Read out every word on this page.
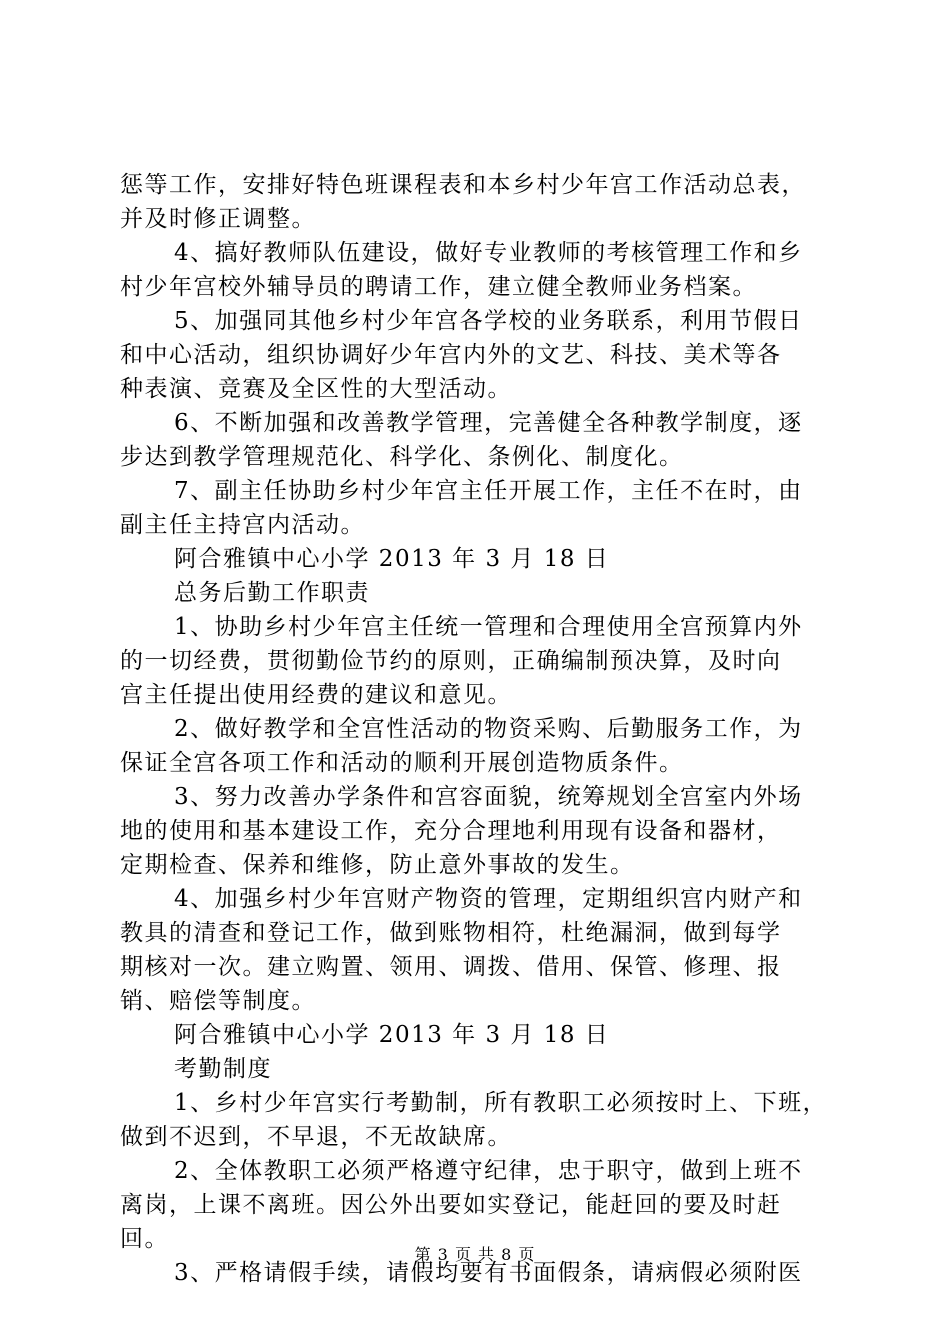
惩等工作，安排好特色班课程表和本乡村少年宫工作活动总表，
并及时修正调整。
4、搞好教师队伍建设，做好专业教师的考核管理工作和乡
村少年宫校外辅导员的聘请工作，建立健全教师业务档案。
5、加强同其他乡村少年宫各学校的业务联系，利用节假日
和中心活动，组织协调好少年宫内外的文艺、科技、美术等各
种表演、竞赛及全区性的大型活动。
6、不断加强和改善教学管理，完善健全各种教学制度，逐
步达到教学管理规范化、科学化、条例化、制度化。
7、副主任协助乡村少年宫主任开展工作，主任不在时，由
副主任主持宫内活动。
阿合雅镇中心小学 2013 年 3 月 18 日
总务后勤工作职责
1、协助乡村少年宫主任统一管理和合理使用全宫预算内外
的一切经费，贯彻勤俭节约的原则，正确编制预决算，及时向
宫主任提出使用经费的建议和意见。
2、做好教学和全宫性活动的物资采购、后勤服务工作，为
保证全宫各项工作和活动的顺利开展创造物质条件。
3、努力改善办学条件和宫容面貌，统筹规划全宫室内外场
地的使用和基本建设工作，充分合理地利用现有设备和器材，
定期检查、保养和维修，防止意外事故的发生。
4、加强乡村少年宫财产物资的管理，定期组织宫内财产和
教具的清查和登记工作，做到账物相符，杜绝漏洞，做到每学
期核对一次。建立购置、领用、调拨、借用、保管、修理、报
销、赔偿等制度。
阿合雅镇中心小学 2013 年 3 月 18 日
考勤制度
1、乡村少年宫实行考勤制，所有教职工必须按时上、下班，
做到不迟到，不早退，不无故缺席。
2、全体教职工必须严格遵守纪律，忠于职守，做到上班不
离岗，上课不离班。因公外出要如实登记，能赶回的要及时赶
回。
3、严格请假手续，请假均要有书面假条，请病假必须附医
第 3 页 共 8 页
